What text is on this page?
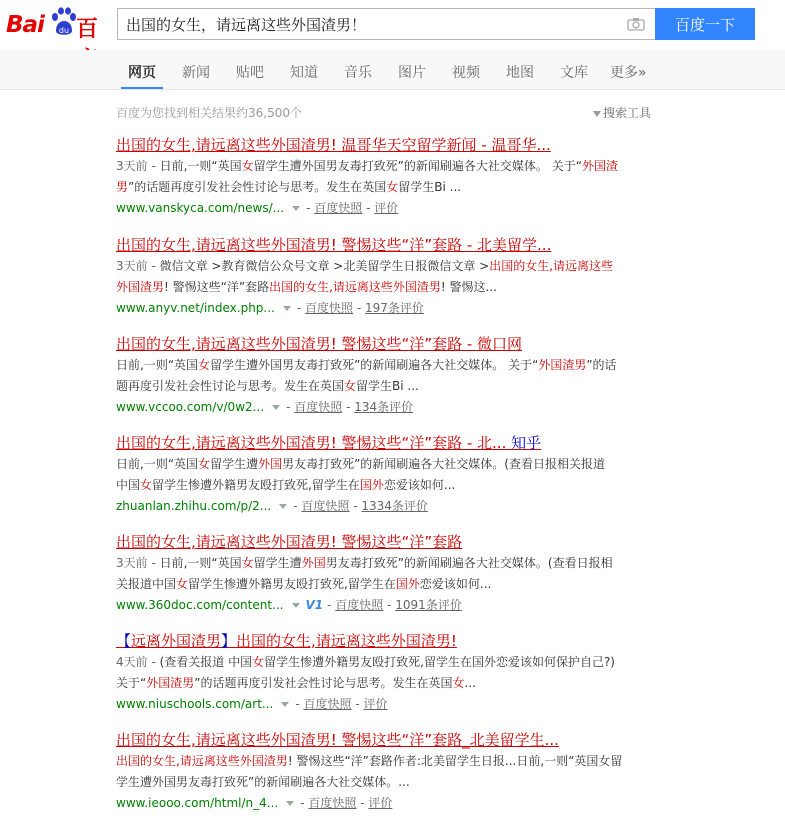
Bai du 百
出国的女生，请远离这些外国渣男！	百度一下
网页 新闻 贴吧 知道 音乐 图片 视频 地图 文库 更多»
百度为您找到相关结果约36,500个	搜索工具
出国的女生,请远离这些外国渣男! 温哥华天空留学新闻 - 温哥华...
3天前 - 日前,一则“英国女留学生遭外国男友毒打致死”的新闻刷遍各大社交媒体。 关于“外国渣
男”的话题再度引发社会性讨论与思考。发生在英国女留学生Bi ...
www.vanskyca.com/news/... - 百度快照 - 评价
出国的女生,请远离这些外国渣男! 警惕这些“洋”套路 - 北美留学...
3天前 - 微信文章 >教育微信公众号文章 >北美留学生日报微信文章 >出国的女生,请远离这些
外国渣男! 警惕这些“洋”套路出国的女生,请远离这些外国渣男! 警惕这...
www.anyv.net/index.php... - 百度快照 - 197条评价
出国的女生,请远离这些外国渣男! 警惕这些“洋”套路 - 微口网
日前,一则“英国女留学生遭外国男友毒打致死”的新闻刷遍各大社交媒体。 关于“外国渣男”的话
题再度引发社会性讨论与思考。发生在英国女留学生Bi ...
www.vccoo.com/v/0w2... - 百度快照 - 134条评价
出国的女生,请远离这些外国渣男! 警惕这些“洋”套路 - 北... 知乎
日前,一则“英国女留学生遭外国男友毒打致死”的新闻刷遍各大社交媒体。(查看日报相关报道
中国女留学生惨遭外籍男友殴打致死,留学生在国外恋爱该如何...
zhuanlan.zhihu.com/p/2... - 百度快照 - 1334条评价
出国的女生,请远离这些外国渣男! 警惕这些“洋”套路
3天前 - 日前,一则“英国女留学生遭外国男友毒打致死”的新闻刷遍各大社交媒体。(查看日报相
关报道中国女留学生惨遭外籍男友殴打致死,留学生在国外恋爱该如何...
www.360doc.com/content... V1 - 百度快照 - 1091条评价
【远离外国渣男】出国的女生,请远离这些外国渣男!
4天前 - (查看关报道 中国女留学生惨遭外籍男友殴打致死,留学生在国外恋爱该如何保护自己?)
关于“外国渣男”的话题再度引发社会性讨论与思考。发生在英国女...
www.niuschools.com/art... - 百度快照 - 评价
出国的女生,请远离这些外国渣男! 警惕这些“洋”套路_北美留学生...
出国的女生,请远离这些外国渣男! 警惕这些“洋”套路作者:北美留学生日报...日前,一则“英国女留
学生遭外国男友毒打致死”的新闻刷遍各大社交媒体。...
www.ieooo.com/html/n_4... - 百度快照 - 评价
